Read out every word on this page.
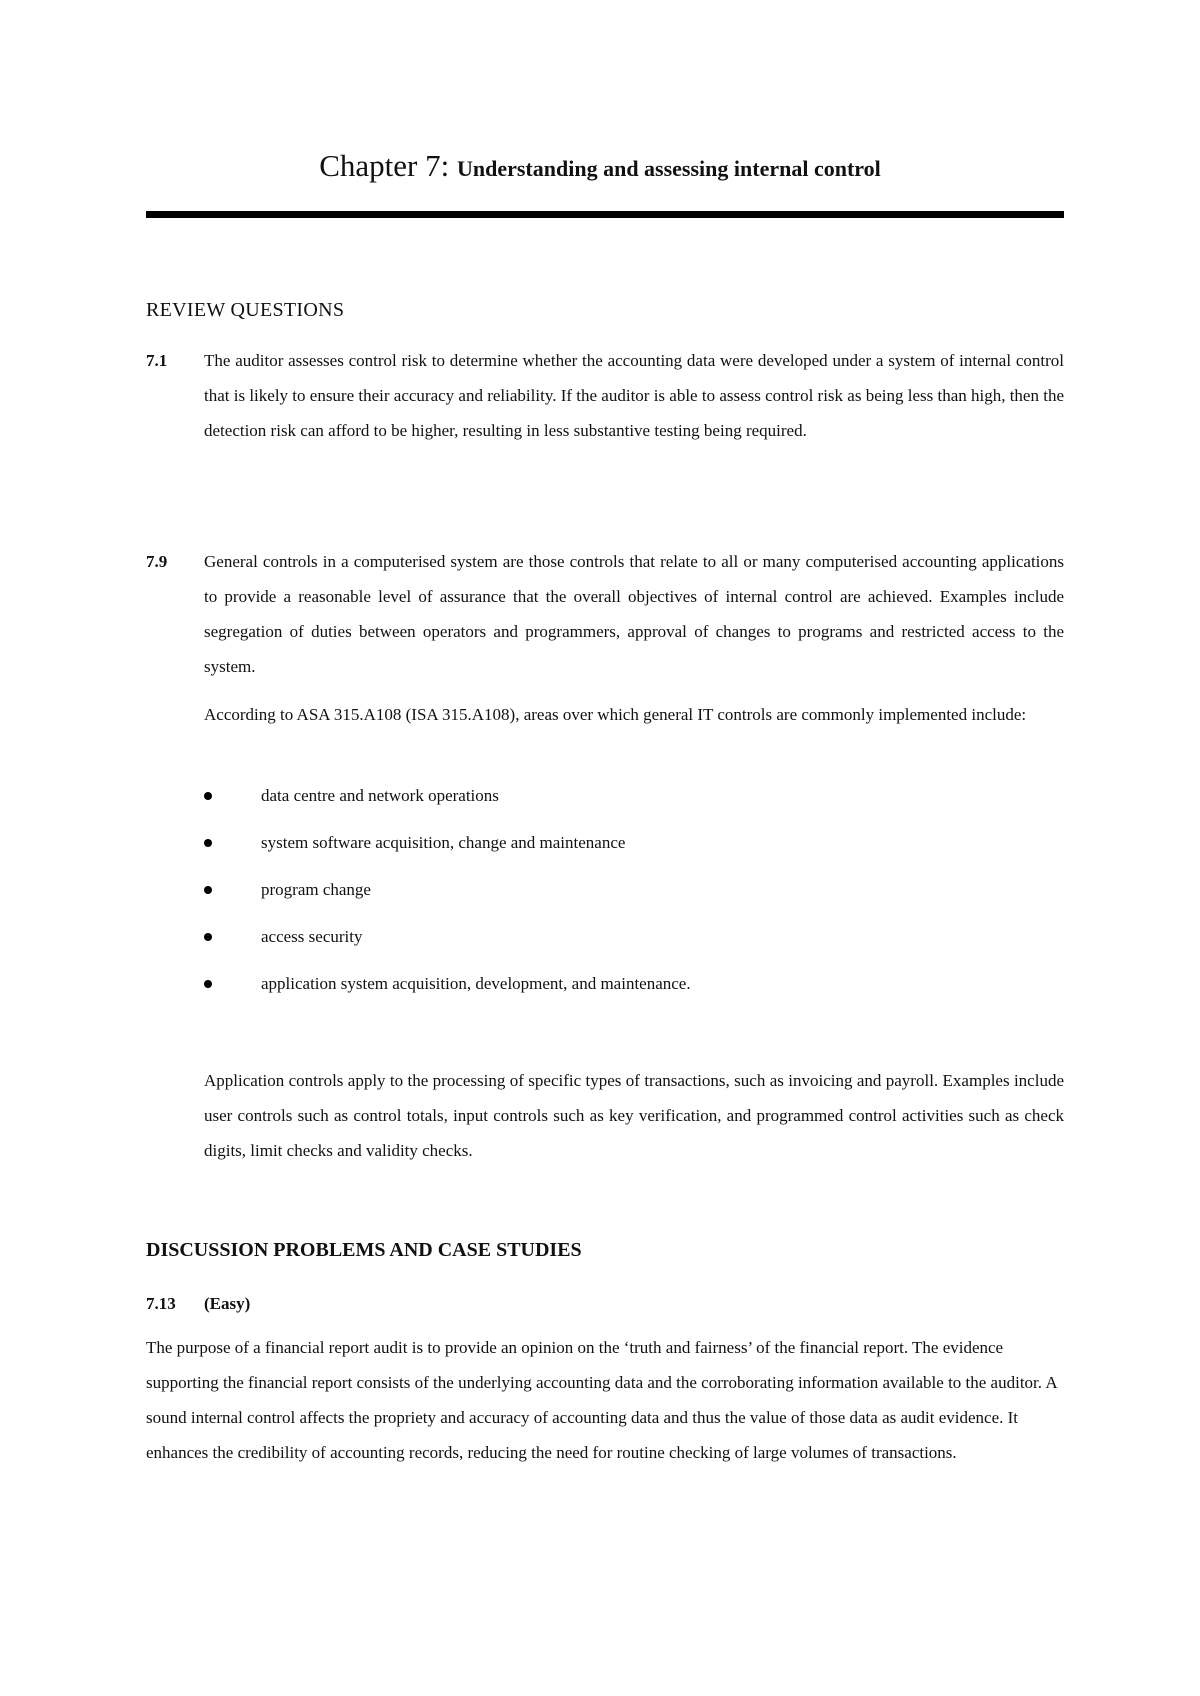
Chapter 7: Understanding and assessing internal control
REVIEW QUESTIONS
7.1 The auditor assesses control risk to determine whether the accounting data were developed under a system of internal control that is likely to ensure their accuracy and reliability. If the auditor is able to assess control risk as being less than high, then the detection risk can afford to be higher, resulting in less substantive testing being required.

7.9 General controls in a computerised system are those controls that relate to all or many computerised accounting applications to provide a reasonable level of assurance that the overall objectives of internal control are achieved. Examples include segregation of duties between operators and programmers, approval of changes to programs and restricted access to the system.

According to ASA 315.A108 (ISA 315.A108), areas over which general IT controls are commonly implemented include:

data centre and network operations
system software acquisition, change and maintenance
program change
access security
application system acquisition, development, and maintenance.

Application controls apply to the processing of specific types of transactions, such as invoicing and payroll. Examples include user controls such as control totals, input controls such as key verification, and programmed control activities such as check digits, limit checks and validity checks.

DISCUSSION PROBLEMS AND CASE STUDIES
7.13 (Easy)

The purpose of a financial report audit is to provide an opinion on the ‘truth and fairness’ of the financial report. The evidence supporting the financial report consists of the underlying accounting data and the corroborating information available to the auditor. A sound internal control affects the propriety and accuracy of accounting data and thus the value of those data as audit evidence. It enhances the credibility of accounting records, reducing the need for routine checking of large volumes of transactions.
